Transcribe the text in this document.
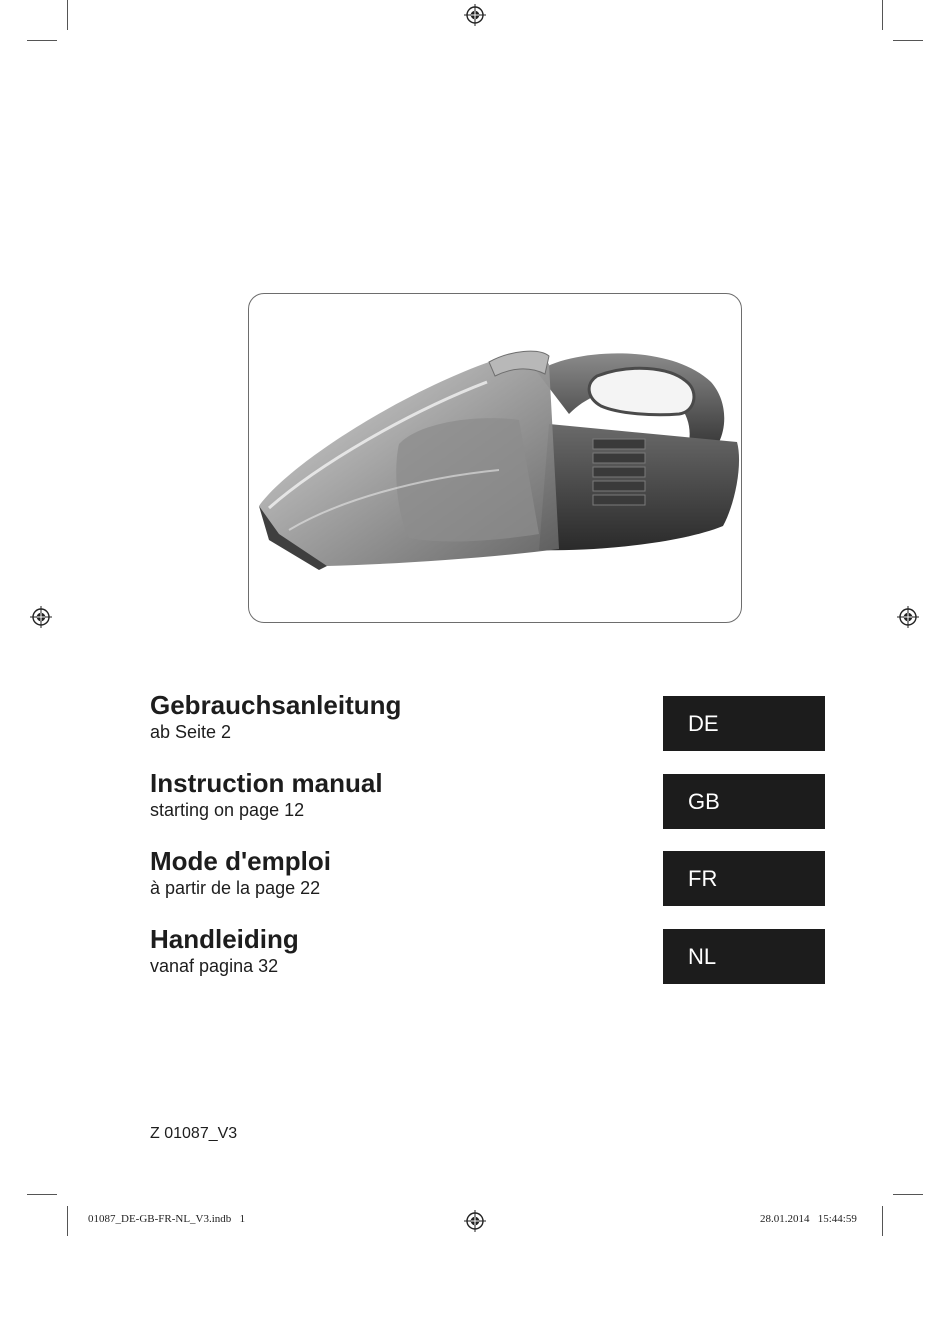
Gebrauchsanleitung
ab Seite 2	DE
Instruction manual
starting on page 12	GB
Mode d'emploi
à partir de la page 22	FR
Handleiding
vanaf pagina 32	NL
Z 01087_V3
01087_DE-GB-FR-NL_V3.indb 1	28.01.2014 15:44:59
